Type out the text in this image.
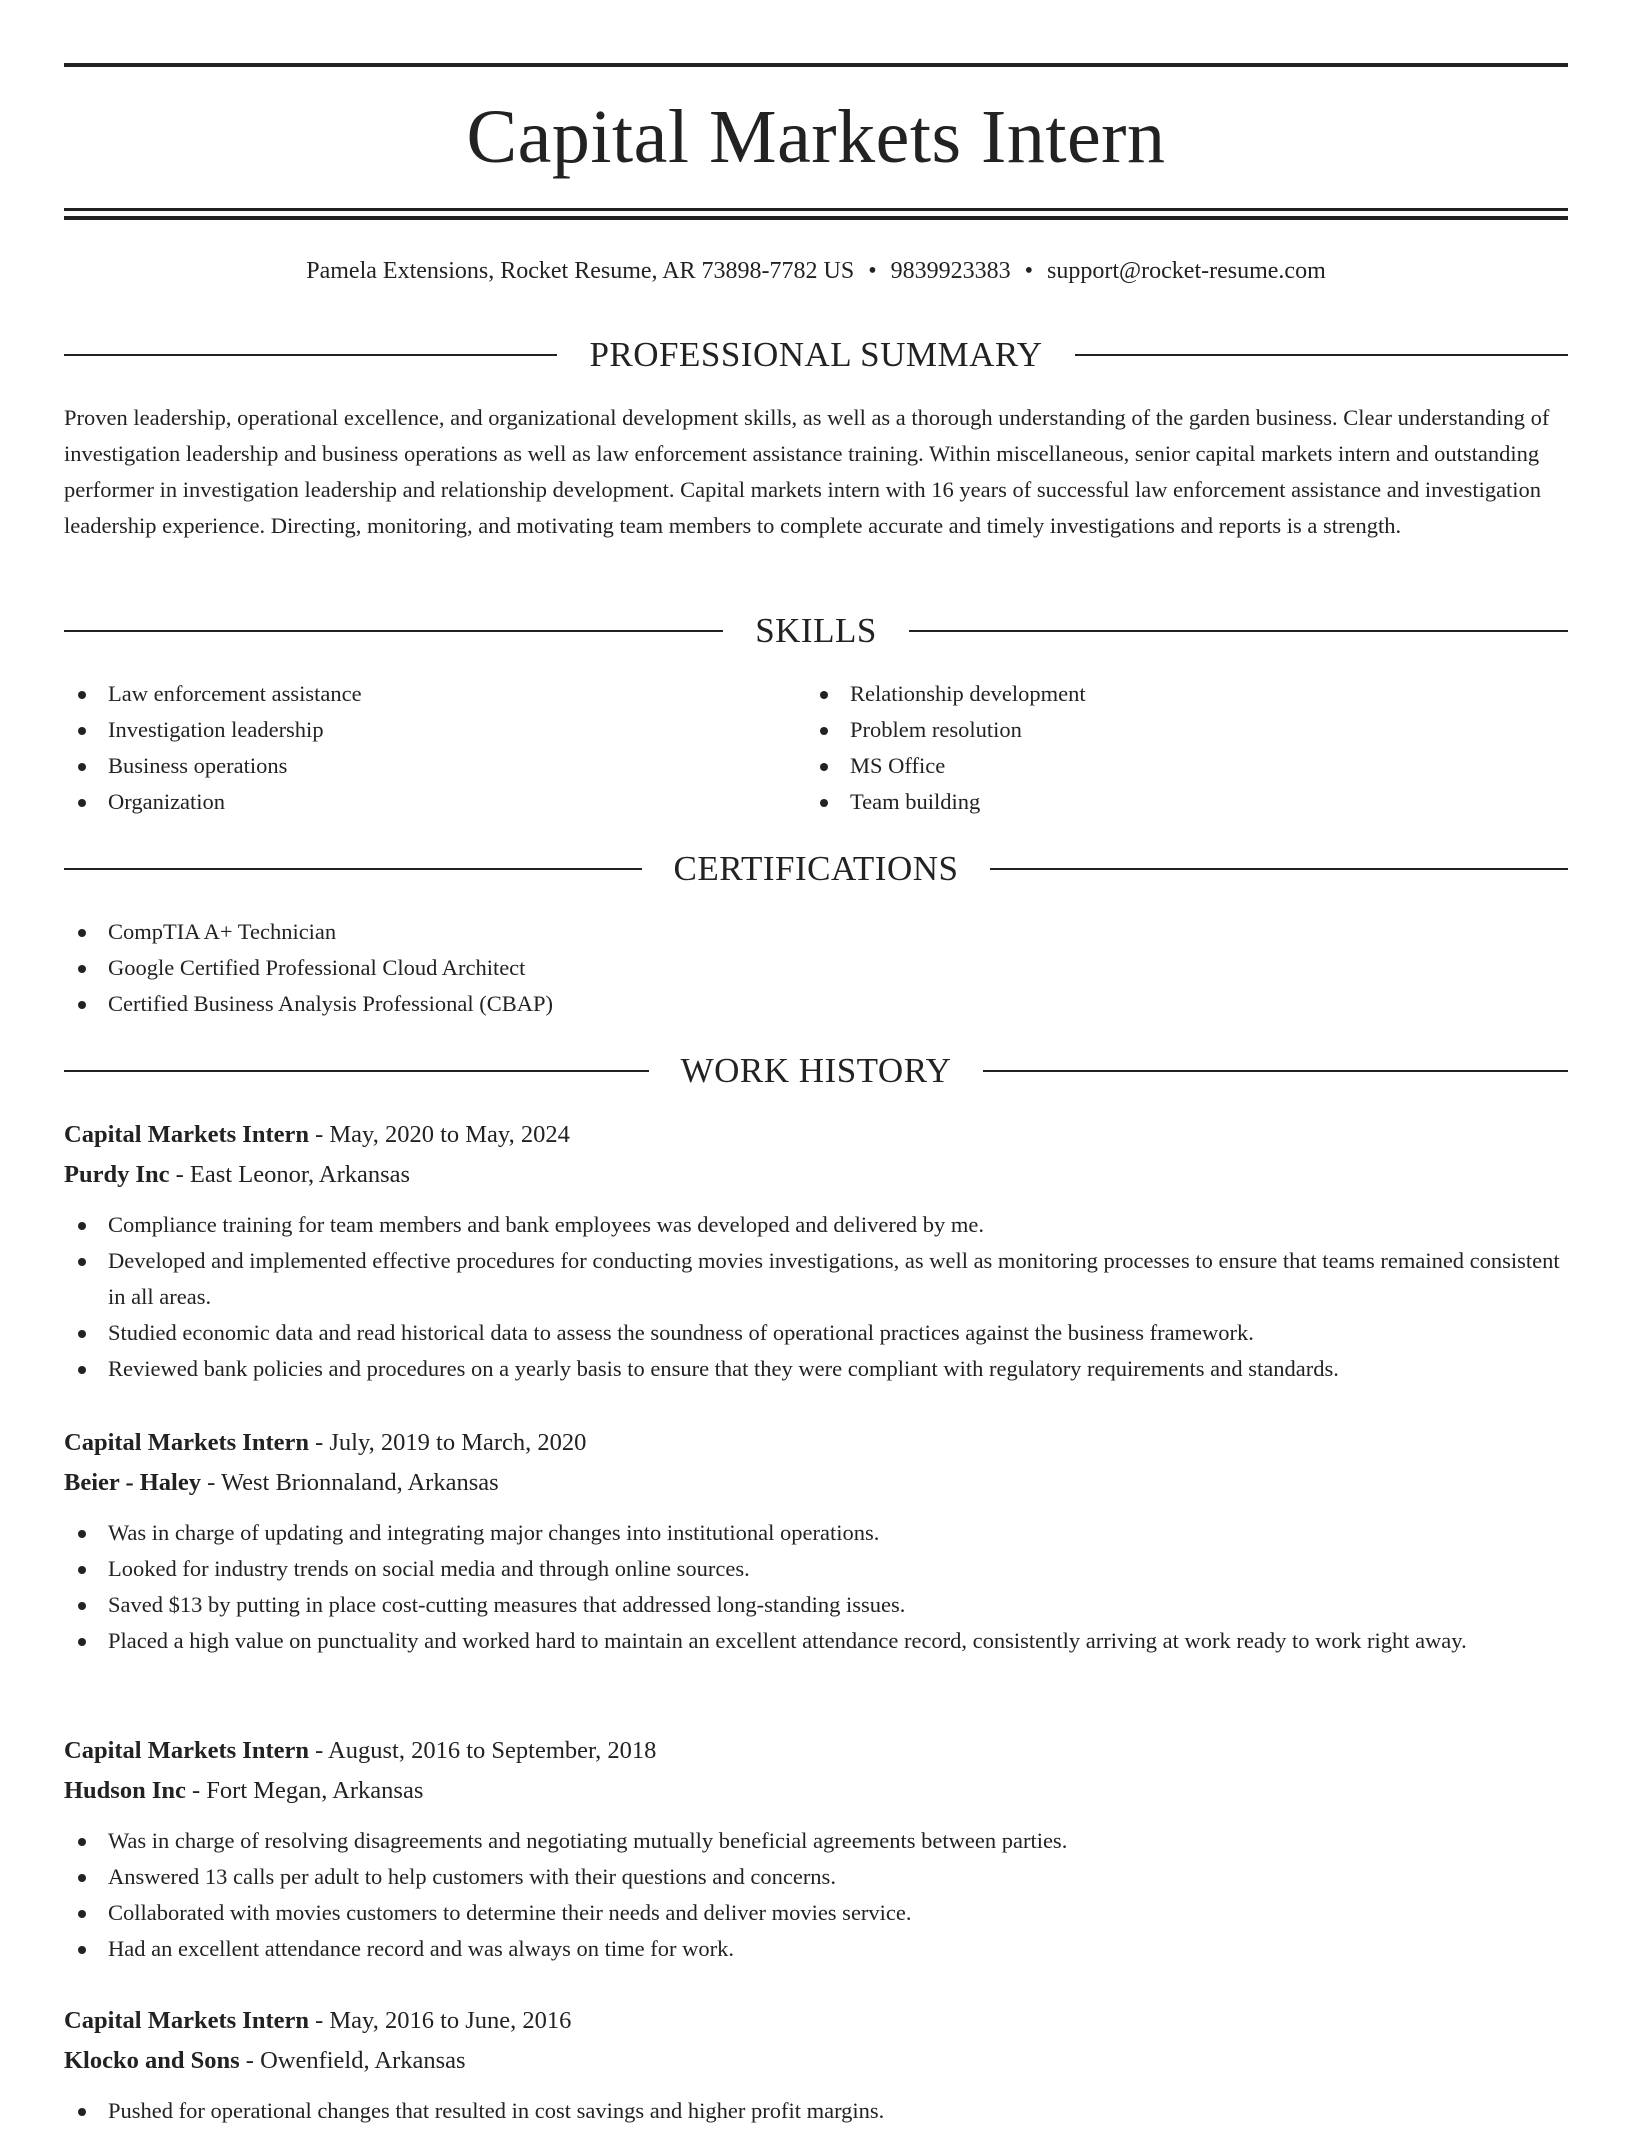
Capital Markets Intern
Pamela Extensions, Rocket Resume, AR 73898-7782 US • 9839923383 • support@rocket-resume.com
PROFESSIONAL SUMMARY
Proven leadership, operational excellence, and organizational development skills, as well as a thorough understanding of the garden business. Clear understanding of investigation leadership and business operations as well as law enforcement assistance training. Within miscellaneous, senior capital markets intern and outstanding performer in investigation leadership and relationship development. Capital markets intern with 16 years of successful law enforcement assistance and investigation leadership experience. Directing, monitoring, and motivating team members to complete accurate and timely investigations and reports is a strength.
SKILLS
Law enforcement assistance
Investigation leadership
Business operations
Organization
Relationship development
Problem resolution
MS Office
Team building
CERTIFICATIONS
CompTIA A+ Technician
Google Certified Professional Cloud Architect
Certified Business Analysis Professional (CBAP)
WORK HISTORY
Capital Markets Intern - May, 2020 to May, 2024
Purdy Inc - East Leonor, Arkansas
Compliance training for team members and bank employees was developed and delivered by me.
Developed and implemented effective procedures for conducting movies investigations, as well as monitoring processes to ensure that teams remained consistent in all areas.
Studied economic data and read historical data to assess the soundness of operational practices against the business framework.
Reviewed bank policies and procedures on a yearly basis to ensure that they were compliant with regulatory requirements and standards.
Capital Markets Intern - July, 2019 to March, 2020
Beier - Haley - West Brionnaland, Arkansas
Was in charge of updating and integrating major changes into institutional operations.
Looked for industry trends on social media and through online sources.
Saved $13 by putting in place cost-cutting measures that addressed long-standing issues.
Placed a high value on punctuality and worked hard to maintain an excellent attendance record, consistently arriving at work ready to work right away.
Capital Markets Intern - August, 2016 to September, 2018
Hudson Inc - Fort Megan, Arkansas
Was in charge of resolving disagreements and negotiating mutually beneficial agreements between parties.
Answered 13 calls per adult to help customers with their questions and concerns.
Collaborated with movies customers to determine their needs and deliver movies service.
Had an excellent attendance record and was always on time for work.
Capital Markets Intern - May, 2016 to June, 2016
Klocko and Sons - Owenfield, Arkansas
Pushed for operational changes that resulted in cost savings and higher profit margins.
